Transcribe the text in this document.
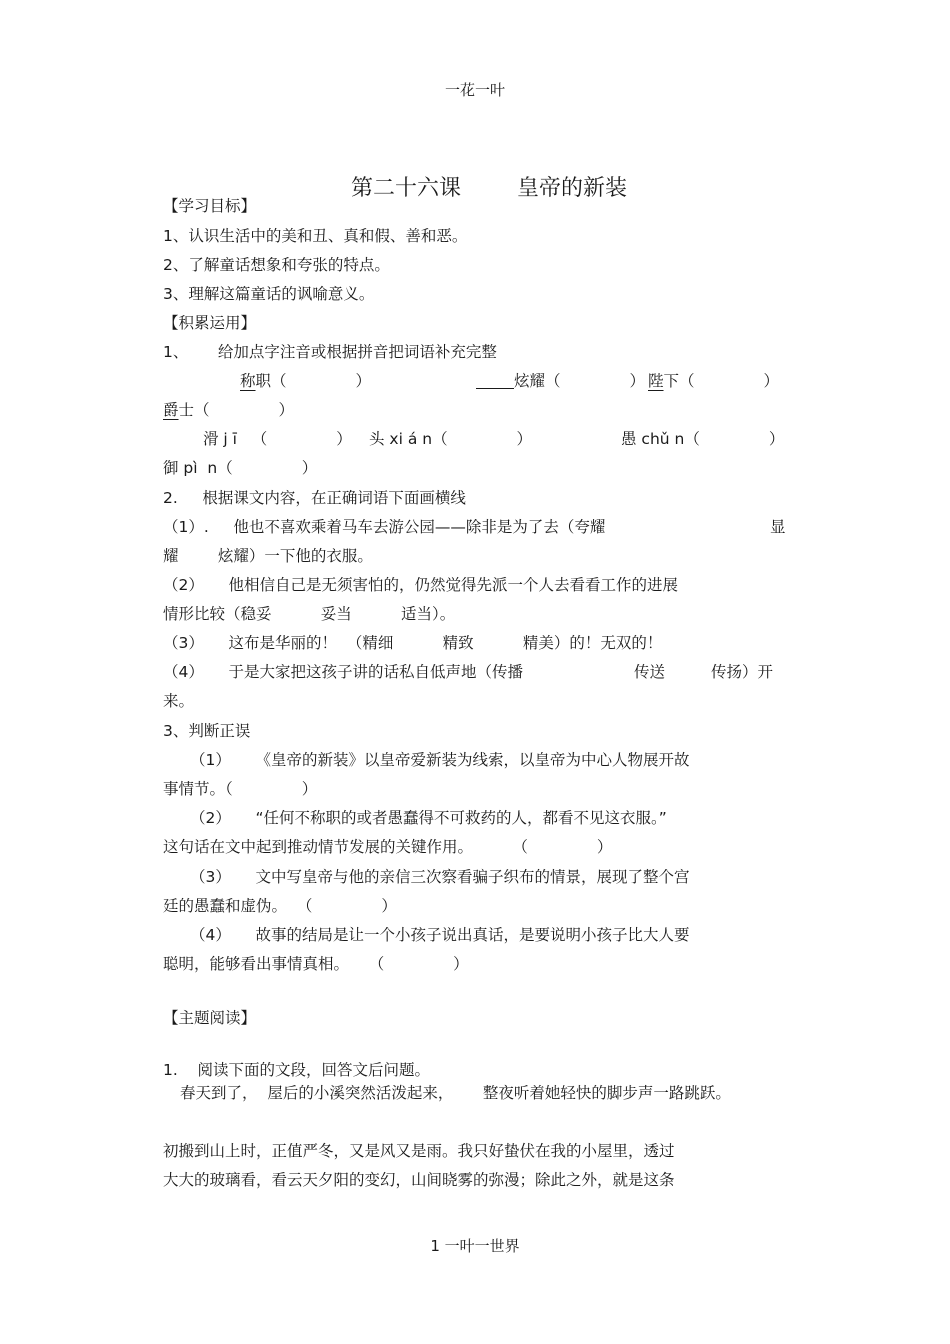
一花一叶

第二十六课	皇帝的新装

【学习目标】
1、认识生活中的美和丑、真和假、善和恶。
2、了解童话想象和夸张的特点。
3、理解这篇童话的讽喻意义。
【积累运用】
1、      给加点字注音或根据拼音把词语补充完整
称职（              ）	炫耀（              ） 陛下（              ）
爵士（              ）
滑 j ī   （              ） 头 xi á n（              ）	愚 chǔ n（              ）
御 pì  n（              ）
2.     根据课文内容，在正确词语下面画横线
（1）.     他也不喜欢乘着马车去游公园——除非是为了去（夸耀	显
耀        炫耀）一下他的衣服。
（2）     他相信自己是无须害怕的，仍然觉得先派一个人去看看工作的进展
情形比较（稳妥          妥当          适当）。
（3）     这布是华丽的！  （精细          精致          精美）的！无双的！
（4）     于是大家把这孩子讲的话私自低声地（传播	传送	传扬）开
来。
3、判断正误
（1）     《皇帝的新装》以皇帝爱新装为线索，以皇帝为中心人物展开故
事情节。（              ）
（2）     “任何不称职的或者愚蠢得不可救药的人，都看不见这衣服。”
这句话在文中起到推动情节发展的关键作用。        （              ）
（3）     文中写皇帝与他的亲信三次察看骗子织布的情景，展现了整个宫
廷的愚蠢和虚伪。  （              ）
（4）     故事的结局是让一个小孩子说出真话，是要说明小孩子比大人要
聪明，能够看出事情真相。    （              ）
【主题阅读】
1.    阅读下面的文段，回答文后问题。
春天到了，  屋后的小溪突然活泼起来，      整夜听着她轻快的脚步声一路跳跃。
初搬到山上时，正值严冬，又是风又是雨。我只好蛰伏在我的小屋里，透过
大大的玻璃看，看云天夕阳的变幻，山间晓雾的弥漫；除此之外，就是这条
1 一叶一世界
